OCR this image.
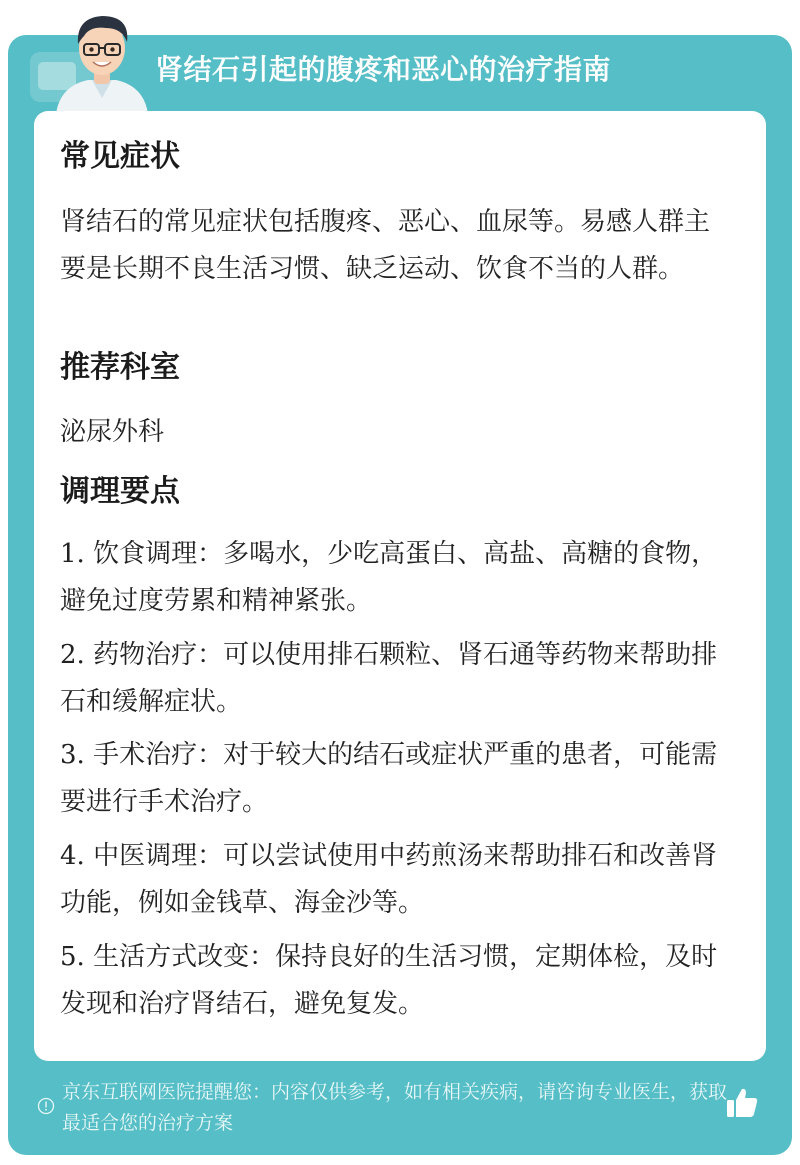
肾结石引起的腹疼和恶心的治疗指南
常见症状
肾结石的常见症状包括腹疼、恶心、血尿等。易感人群主要是长期不良生活习惯、缺乏运动、饮食不当的人群。
推荐科室
泌尿外科
调理要点
1. 饮食调理：多喝水，少吃高蛋白、高盐、高糖的食物，避免过度劳累和精神紧张。
2. 药物治疗：可以使用排石颗粒、肾石通等药物来帮助排石和缓解症状。
3. 手术治疗：对于较大的结石或症状严重的患者，可能需要进行手术治疗。
4. 中医调理：可以尝试使用中药煎汤来帮助排石和改善肾功能，例如金钱草、海金沙等。
5. 生活方式改变：保持良好的生活习惯，定期体检，及时发现和治疗肾结石，避免复发。
京东互联网医院提醒您：内容仅供参考，如有相关疾病，请咨询专业医生，获取最适合您的治疗方案
